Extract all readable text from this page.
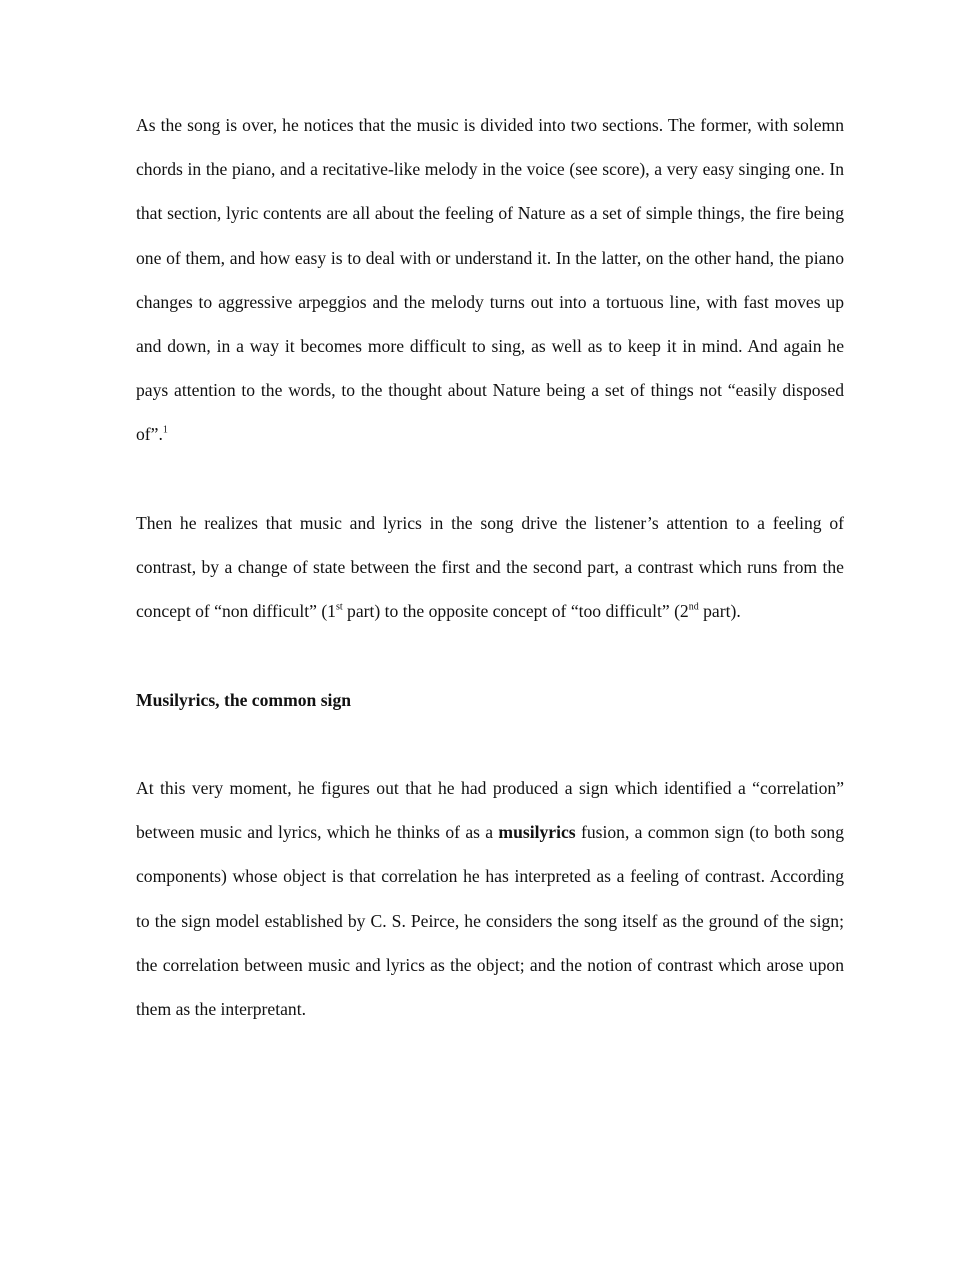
As the song is over, he notices that the music is divided into two sections. The former, with solemn chords in the piano, and a recitative-like melody in the voice (see score), a very easy singing one. In that section, lyric contents are all about the feeling of Nature as a set of simple things, the fire being one of them, and how easy is to deal with or understand it. In the latter, on the other hand, the piano changes to aggressive arpeggios and the melody turns out into a tortuous line, with fast moves up and down, in a way it becomes more difficult to sing, as well as to keep it in mind. And again he pays attention to the words, to the thought about Nature being a set of things not “easily disposed of”.$^1$

Then he realizes that music and lyrics in the song drive the listener’s attention to a feeling of contrast, by a change of state between the first and the second part, a contrast which runs from the concept of “non difficult” (1st part) to the opposite concept of “too difficult” (2nd part).

Musilyrics, the common sign

At this very moment, he figures out that he had produced a sign which identified a “correlation” between music and lyrics, which he thinks of as a musilyrics fusion, a common sign (to both song components) whose object is that correlation he has interpreted as a feeling of contrast. According to the sign model established by C. S. Peirce, he considers the song itself as the ground of the sign; the correlation between music and lyrics as the object; and the notion of contrast which arose upon them as the interpretant.
